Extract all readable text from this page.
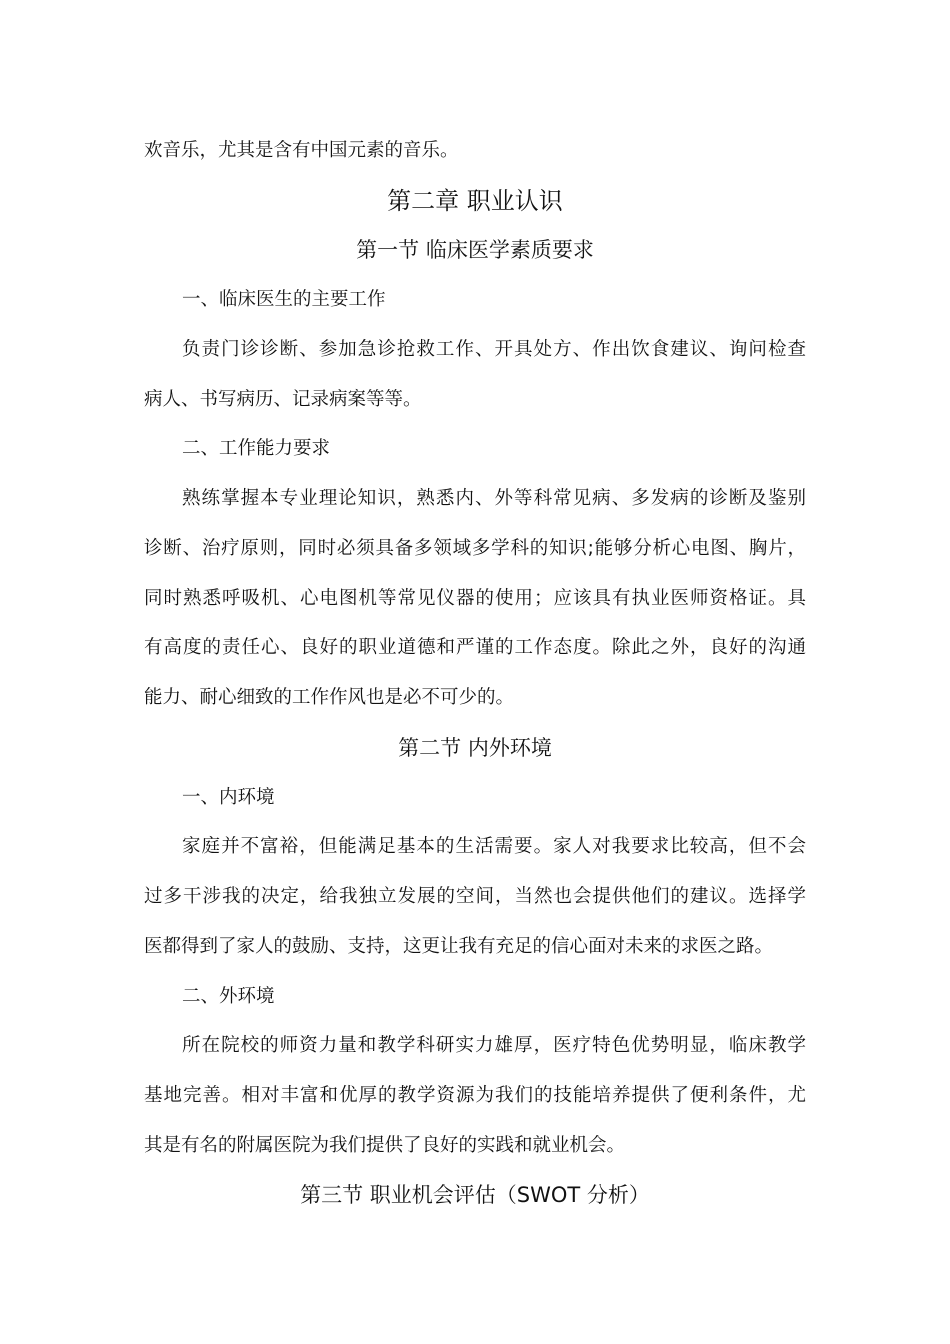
欢音乐，尤其是含有中国元素的音乐。
第二章 职业认识
第一节 临床医学素质要求
一、临床医生的主要工作
负责门诊诊断、参加急诊抢救工作、开具处方、作出饮食建议、询问检查
病人、书写病历、记录病案等等。
二、工作能力要求
熟练掌握本专业理论知识，熟悉内、外等科常见病、多发病的诊断及鉴别
诊断、治疗原则，同时必须具备多领域多学科的知识;能够分析心电图、胸片，
同时熟悉呼吸机、心电图机等常见仪器的使用；应该具有执业医师资格证。具
有高度的责任心、良好的职业道德和严谨的工作态度。除此之外，良好的沟通
能力、耐心细致的工作作风也是必不可少的。
第二节 内外环境
一、内环境
家庭并不富裕，但能满足基本的生活需要。家人对我要求比较高，但不会
过多干涉我的决定，给我独立发展的空间，当然也会提供他们的建议。选择学
医都得到了家人的鼓励、支持，这更让我有充足的信心面对未来的求医之路。
二、外环境
所在院校的师资力量和教学科研实力雄厚，医疗特色优势明显，临床教学
基地完善。相对丰富和优厚的教学资源为我们的技能培养提供了便利条件，尤
其是有名的附属医院为我们提供了良好的实践和就业机会。
第三节 职业机会评估（SWOT 分析）
